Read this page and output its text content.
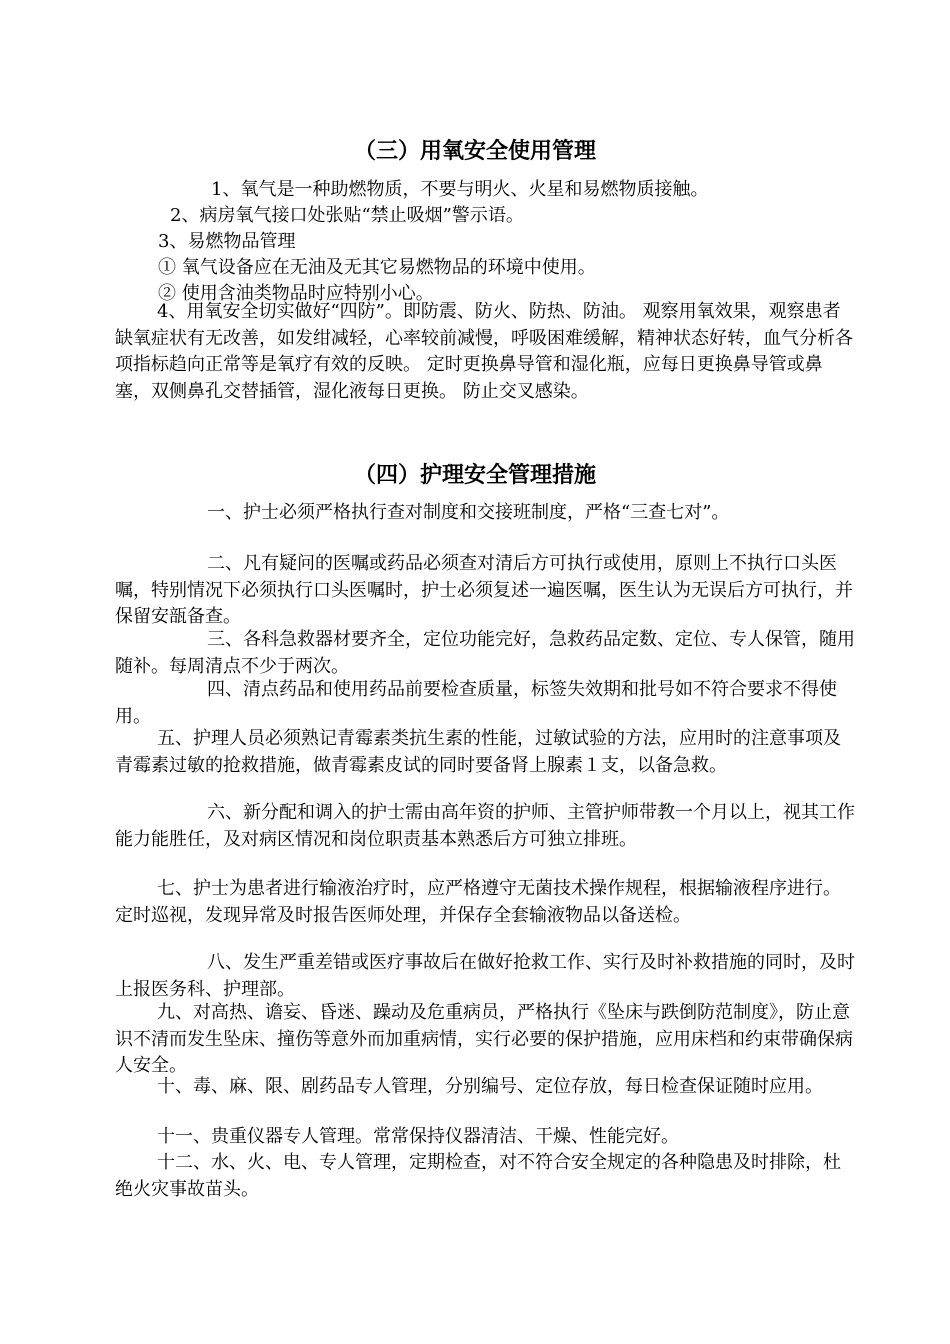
（三）用氧安全使用管理

1、氧气是一种助燃物质，不要与明火、火星和易燃物质接触。

2、病房氧气接口处张贴“禁止吸烟”警示语。

3、易燃物品管理

① 氧气设备应在无油及无其它易燃物品的环境中使用。

② 使用含油类物品时应特别小心。

4、用氧安全切实做好“四防”。即防震、防火、防热、防油。 观察用氧效果，观察患者缺氧症状有无改善，如发绀减轻，心率较前减慢，呼吸困难缓解，精神状态好转，血气分析各项指标趋向正常等是氧疗有效的反映。 定时更换鼻导管和湿化瓶，应每日更换鼻导管或鼻塞，双侧鼻孔交替插管，湿化液每日更换。 防止交叉感染。

（四）护理安全管理措施

一、护士必须严格执行查对制度和交接班制度，严格“三查七对”。

二、凡有疑问的医嘱或药品必须查对清后方可执行或使用，原则上不执行口头医嘱，特别情况下必须执行口头医嘱时，护士必须复述一遍医嘱，医生认为无误后方可执行，并保留安瓿备查。

三、各科急救器材要齐全，定位功能完好，急救药品定数、定位、专人保管，随用随补。每周清点不少于两次。

四、清点药品和使用药品前要检查质量，标签失效期和批号如不符合要求不得使用。

五、护理人员必须熟记青霉素类抗生素的性能，过敏试验的方法，应用时的注意事项及青霉素过敏的抢救措施，做青霉素皮试的同时要备肾上腺素１支，以备急救。

六、新分配和调入的护士需由高年资的护师、主管护师带教一个月以上，视其工作能力能胜任，及对病区情况和岗位职责基本熟悉后方可独立排班。

七、护士为患者进行输液治疗时，应严格遵守无菌技术操作规程，根据输液程序进行。定时巡视，发现异常及时报告医师处理，并保存全套输液物品以备送检。

八、发生严重差错或医疗事故后在做好抢救工作、实行及时补救措施的同时，及时上报医务科、护理部。

九、对高热、谵妄、昏迷、躁动及危重病员，严格执行《坠床与跌倒防范制度》，防止意识不清而发生坠床、撞伤等意外而加重病情，实行必要的保护措施，应用床档和约束带确保病人安全。

十、毒、麻、限、剧药品专人管理，分别编号、定位存放，每日检查保证随时应用。

十一、贵重仪器专人管理。常常保持仪器清洁、干燥、性能完好。

十二、水、火、电、专人管理，定期检查，对不符合安全规定的各种隐患及时排除，杜绝火灾事故苗头。
